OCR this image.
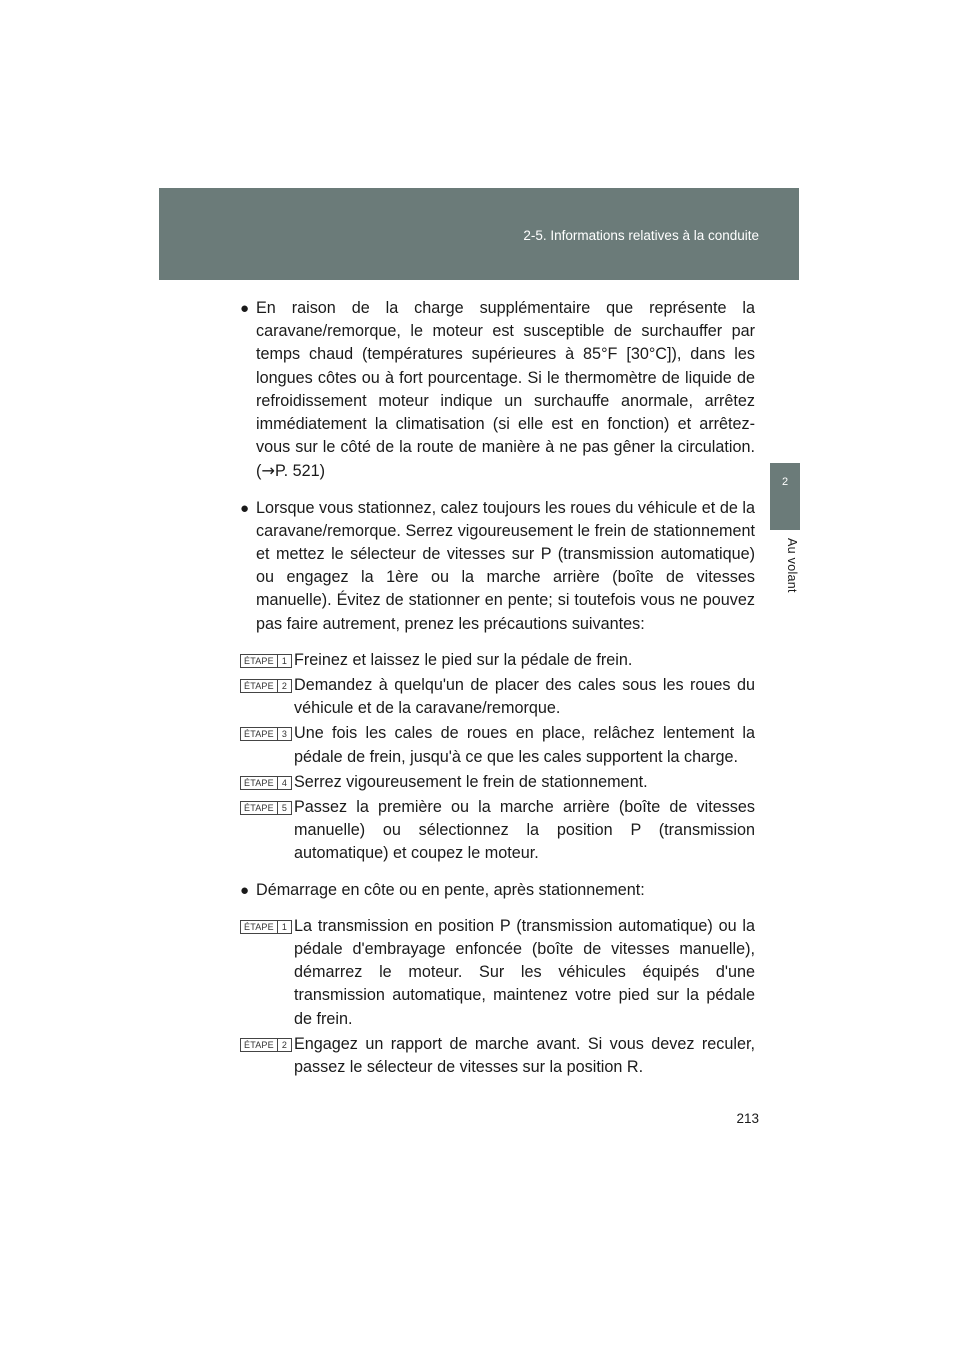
2-5. Informations relatives à la conduite
2
Au volant
● En raison de la charge supplémentaire que représente la caravane/remorque, le moteur est susceptible de surchauffer par temps chaud (températures supérieures à 85°F [30°C]), dans les longues côtes ou à fort pourcentage. Si le thermomètre de liquide de refroidissement moteur indique un surchauffe anormale, arrêtez immédiatement la climatisation (si elle est en fonction) et arrêtez-vous sur le côté de la route de manière à ne pas gêner la circulation. (→P. 521)
● Lorsque vous stationnez, calez toujours les roues du véhicule et de la caravane/remorque. Serrez vigoureusement le frein de stationnement et mettez le sélecteur de vitesses sur P (transmission automatique) ou engagez la 1ère ou la marche arrière (boîte de vitesses manuelle). Évitez de stationner en pente; si toutefois vous ne pouvez pas faire autrement, prenez les précautions suivantes:
ÉTAPE 1 Freinez et laissez le pied sur la pédale de frein.
ÉTAPE 2 Demandez à quelqu'un de placer des cales sous les roues du véhicule et de la caravane/remorque.
ÉTAPE 3 Une fois les cales de roues en place, relâchez lentement la pédale de frein, jusqu'à ce que les cales supportent la charge.
ÉTAPE 4 Serrez vigoureusement le frein de stationnement.
ÉTAPE 5 Passez la première ou la marche arrière (boîte de vitesses manuelle) ou sélectionnez la position P (transmission automatique) et coupez le moteur.
● Démarrage en côte ou en pente, après stationnement:
ÉTAPE 1 La transmission en position P (transmission automatique) ou la pédale d'embrayage enfoncée (boîte de vitesses manuelle), démarrez le moteur. Sur les véhicules équipés d'une transmission automatique, maintenez votre pied sur la pédale de frein.
ÉTAPE 2 Engagez un rapport de marche avant. Si vous devez reculer, passez le sélecteur de vitesses sur la position R.
213
